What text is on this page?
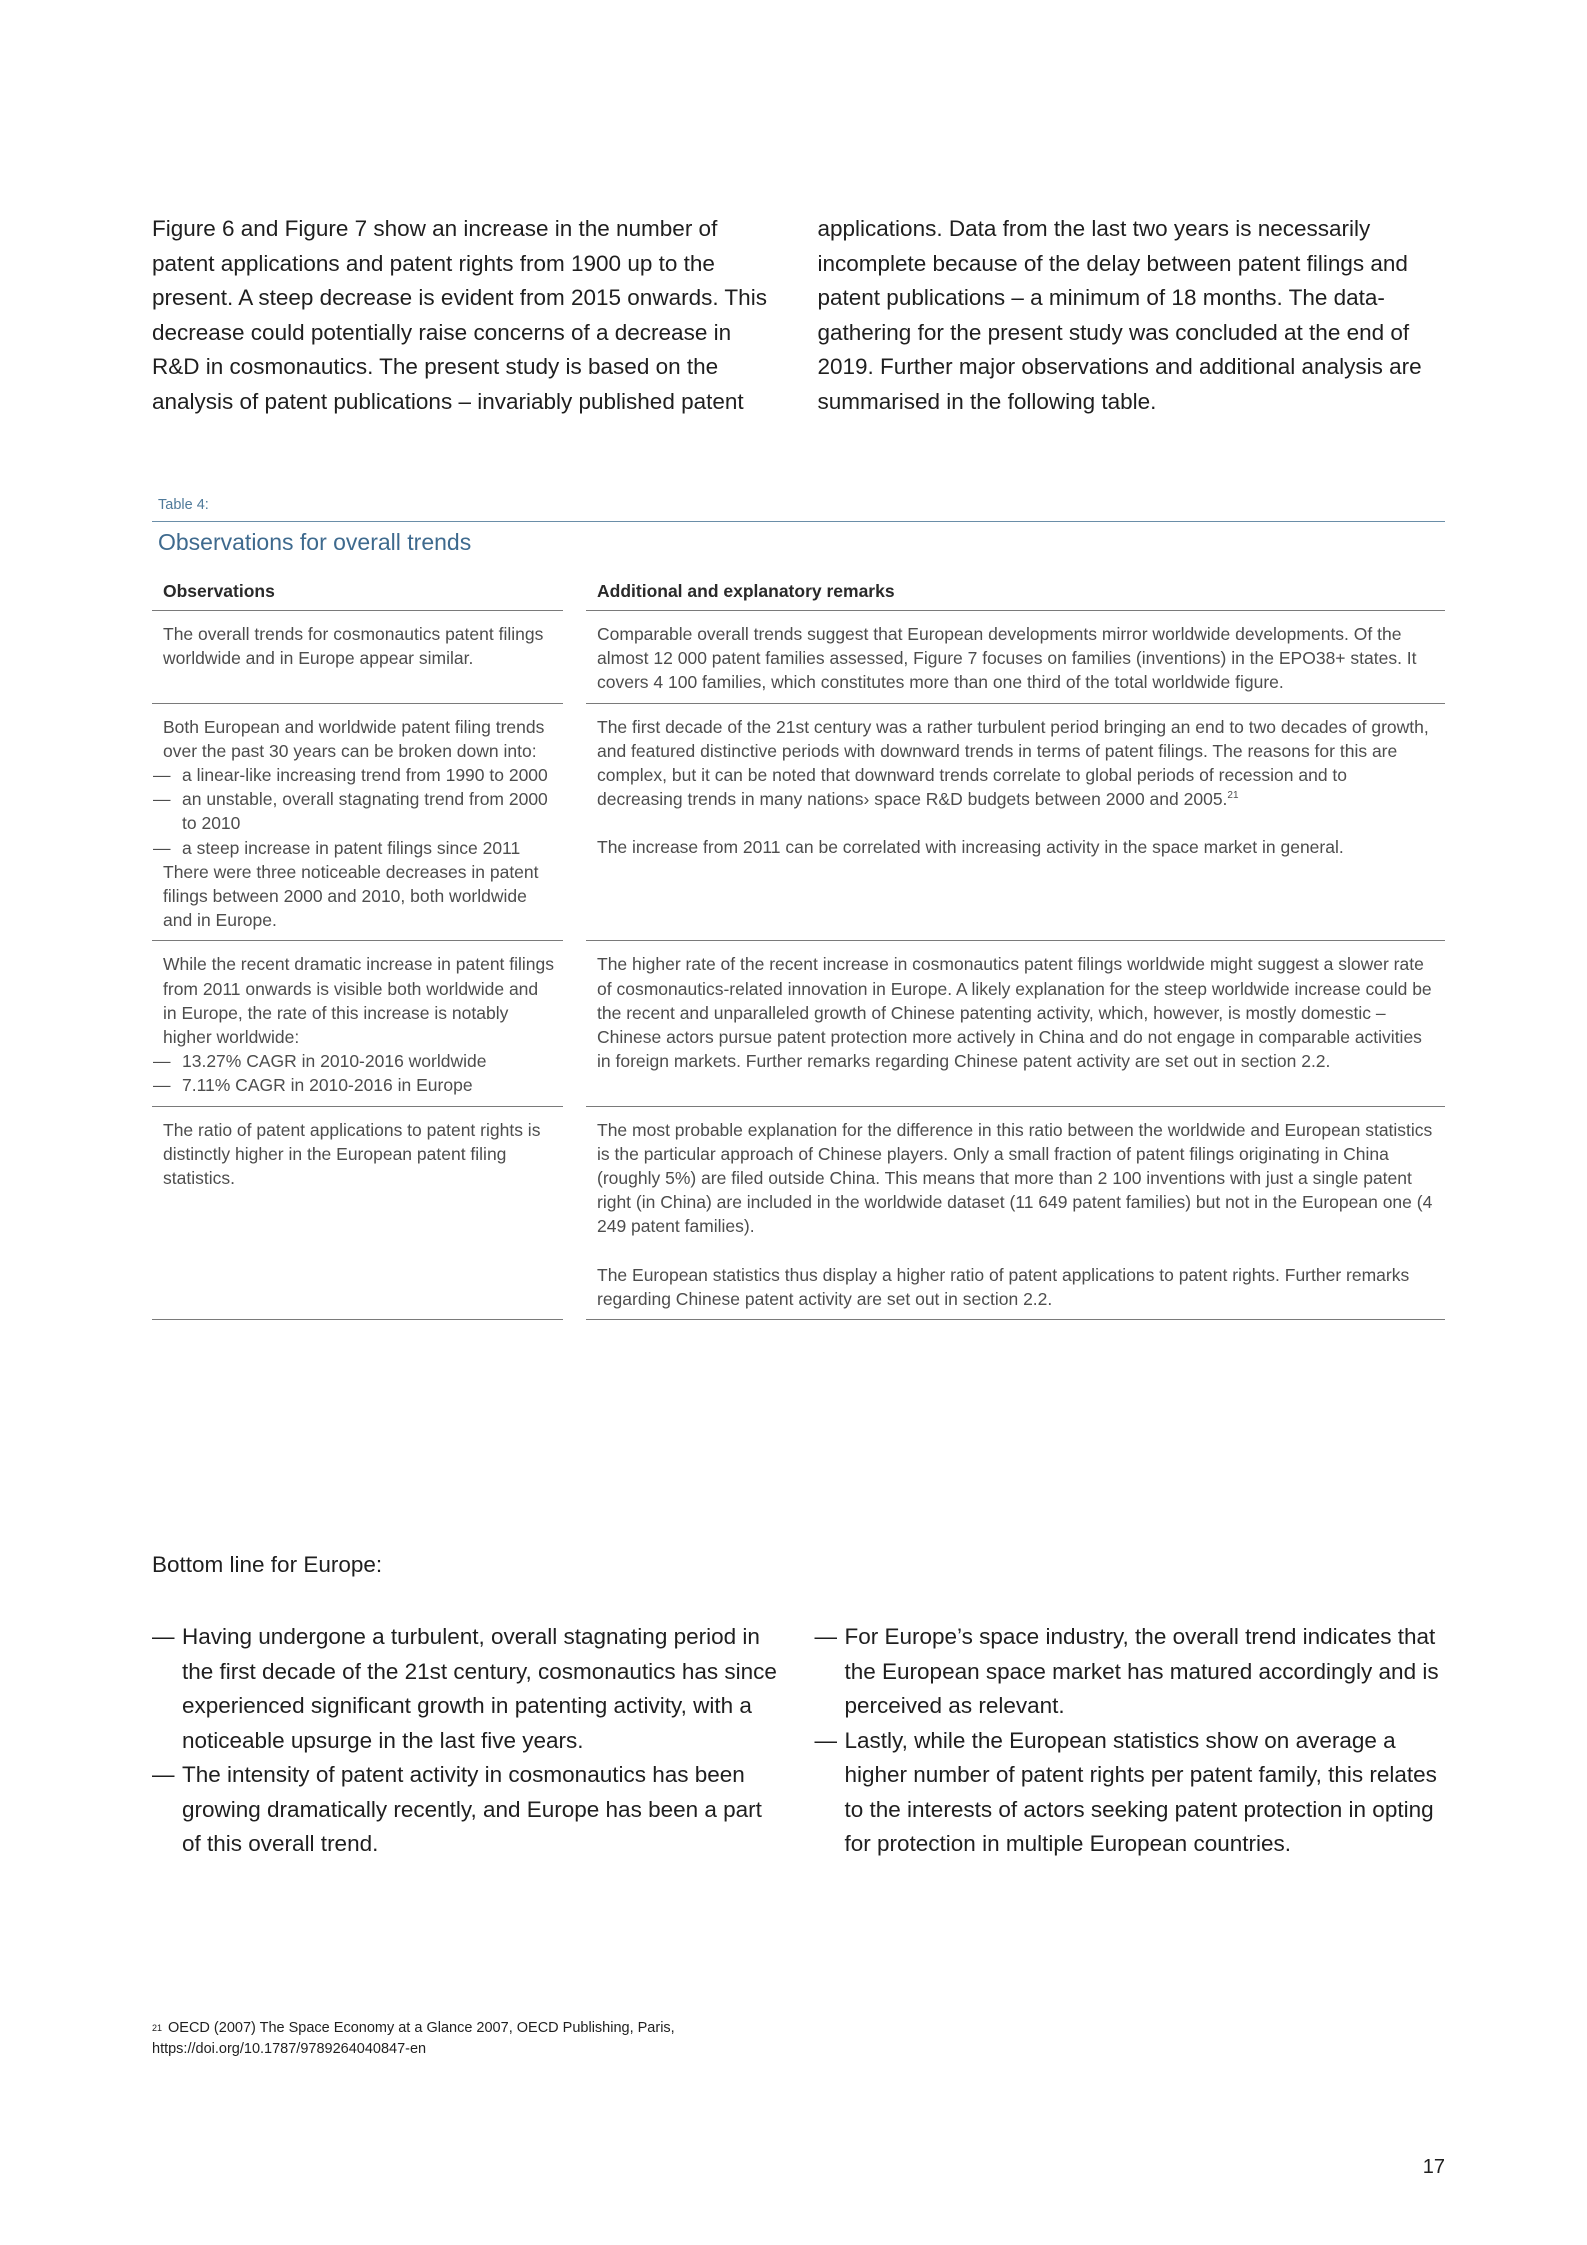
Figure 6 and Figure 7 show an increase in the number of patent applications and patent rights from 1900 up to the present. A steep decrease is evident from 2015 onwards. This decrease could potentially raise concerns of a decrease in R&D in cosmonautics. The present study is based on the analysis of patent publications – invariably published patent

applications. Data from the last two years is necessarily incomplete because of the delay between patent filings and patent publications – a minimum of 18 months. The data-gathering for the present study was concluded at the end of 2019. Further major observations and additional analysis are summarised in the following table.

Table 4:
Observations for overall trends
Observations	Additional and explanatory remarks

The overall trends for cosmonautics patent filings worldwide and in Europe appear similar.

Comparable overall trends suggest that European developments mirror worldwide developments. Of the almost 12 000 patent families assessed, Figure 7 focuses on families (inventions) in the EPO38+ states. It covers 4 100 families, which constitutes more than one third of the total worldwide figure.

Both European and worldwide patent filing trends over the past 30 years can be broken down into:

— a linear-like increasing trend from 1990 to 2000
— an unstable, overall stagnating trend from 2000 to 2010
— a steep increase in patent filings since 2011

There were three noticeable decreases in patent filings between 2000 and 2010, both worldwide and in Europe.

The first decade of the 21st century was a rather turbulent period bringing an end to two decades of growth, and featured distinctive periods with downward trends in terms of patent filings. The reasons for this are complex, but it can be noted that downward trends correlate to global periods of recession and to decreasing trends in many nations› space R&D budgets between 2000 and 2005.21

The increase from 2011 can be correlated with increasing activity in the space market in general.

While the recent dramatic increase in patent filings from 2011 onwards is visible both worldwide and in Europe, the rate of this increase is notably higher worldwide:

— 13.27% CAGR in 2010-2016 worldwide
— 7.11% CAGR in 2010-2016 in Europe

The higher rate of the recent increase in cosmonautics patent filings worldwide might suggest a slower rate of cosmonautics-related innovation in Europe. A likely explanation for the steep worldwide increase could be the recent and unparalleled growth of Chinese patenting activity, which, however, is mostly domestic – Chinese actors pursue patent protection more actively in China and do not engage in comparable activities in foreign markets. Further remarks regarding Chinese patent activity are set out in section 2.2.

The ratio of patent applications to patent rights is distinctly higher in the European patent filing statistics.

The most probable explanation for the difference in this ratio between the worldwide and European statistics is the particular approach of Chinese players. Only a small fraction of patent filings originating in China (roughly 5%) are filed outside China. This means that more than 2 100 inventions with just a single patent right (in China) are included in the worldwide dataset (11 649 patent families) but not in the European one (4 249 patent families).

The European statistics thus display a higher ratio of patent applications to patent rights. Further remarks regarding Chinese patent activity are set out in section 2.2.

Bottom line for Europe:
— Having undergone a turbulent, overall stagnating period in the first decade of the 21st century, cosmonautics has since experienced significant growth in patenting activity, with a noticeable upsurge in the last five years.
— The intensity of patent activity in cosmonautics has been growing dramatically recently, and Europe has been a part of this overall trend.
— For Europe’s space industry, the overall trend indicates that the European space market has matured accordingly and is perceived as relevant.
— Lastly, while the European statistics show on average a higher number of patent rights per patent family, this relates to the interests of actors seeking patent protection in opting for protection in multiple European countries.
$^{21}$ OECD (2007) The Space Economy at a Glance 2007, OECD Publishing, Paris,
https://doi.org/10.1787/9789264040847-en
17
